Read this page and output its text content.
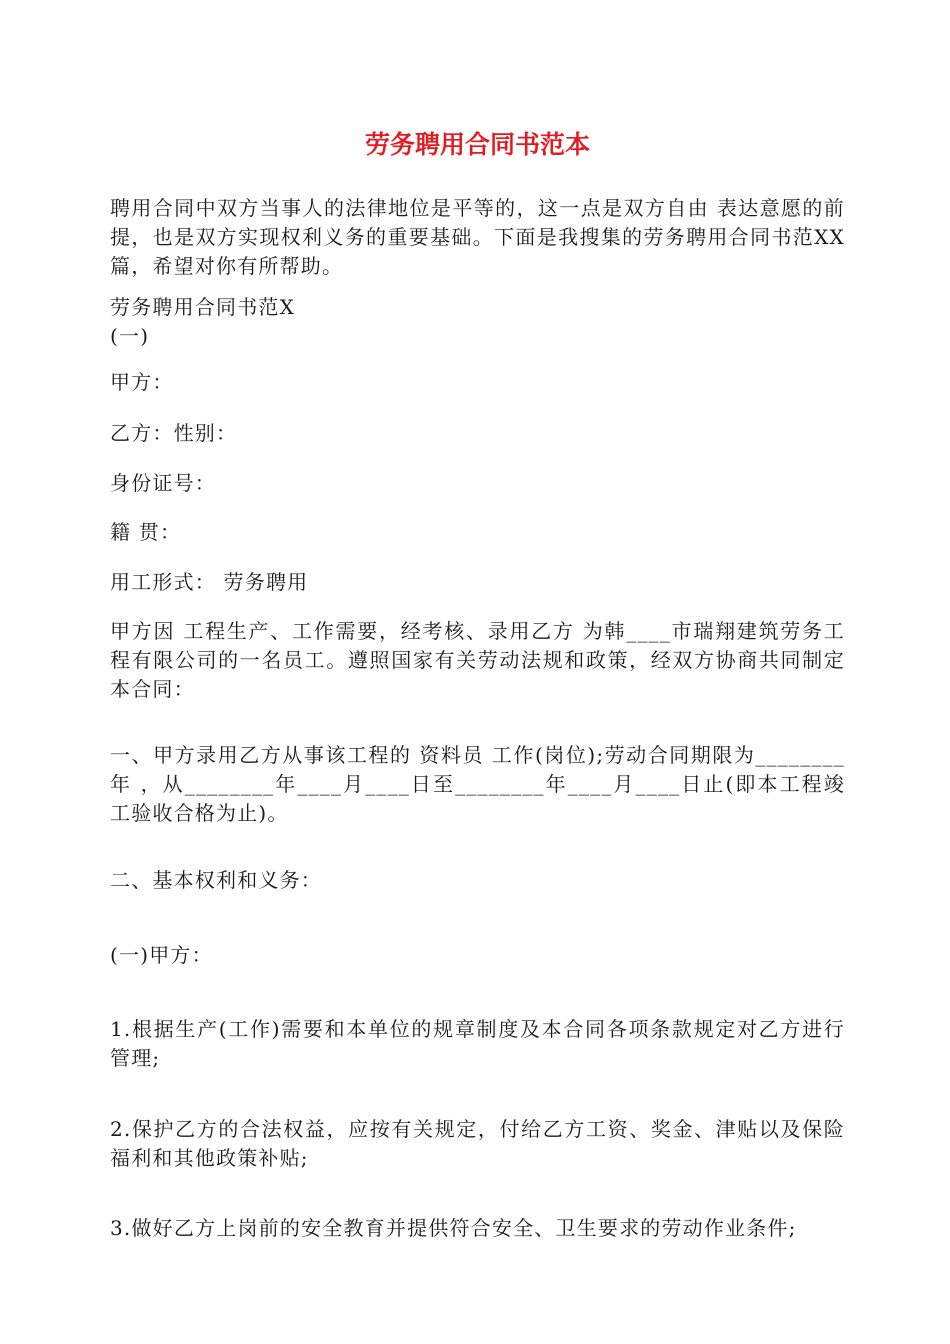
劳务聘用合同书范本

聘用合同中双方当事人的法律地位是平等的，这一点是双方自由 表达意愿的前提，也是双方实现权利义务的重要基础。下面是我搜集的劳务聘用合同书范XX篇，希望对你有所帮助。

劳务聘用合同书范X
(一)

甲方：

乙方：性别：

身份证号：

籍 贯：

用工形式： 劳务聘用

甲方因 工程生产、工作需要，经考核、录用乙方 为韩____市瑞翔建筑劳务工程有限公司的一名员工。遵照国家有关劳动法规和政策，经双方协商共同制定本合同：

一、甲方录用乙方从事该工程的 资料员 工作(岗位);劳动合同期限为________年 ，从________年____月____日至________年____月____日止(即本工程竣工验收合格为止)。

二、基本权利和义务：

(一)甲方：

1.根据生产(工作)需要和本单位的规章制度及本合同各项条款规定对乙方进行管理;

2.保护乙方的合法权益，应按有关规定，付给乙方工资、奖金、津贴以及保险福利和其他政策补贴;

3.做好乙方上岗前的安全教育并提供符合安全、卫生要求的劳动作业条件;
